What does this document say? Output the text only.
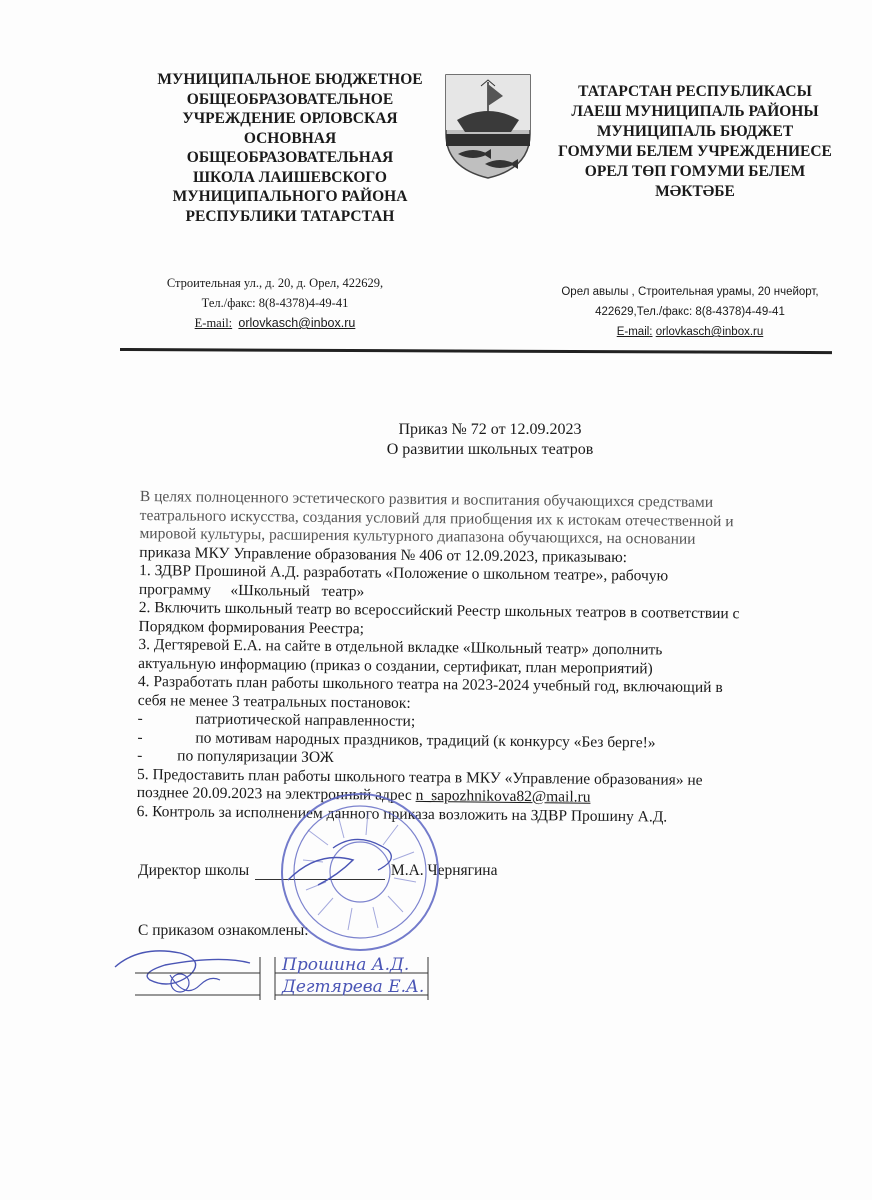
МУНИЦИПАЛЬНОЕ БЮДЖЕТНОЕ
ОБЩЕОБРАЗОВАТЕЛЬНОЕ
УЧРЕЖДЕНИЕ ОРЛОВСКАЯ
ОСНОВНАЯ
ОБЩЕОБРАЗОВАТЕЛЬНАЯ
ШКОЛА ЛАИШЕВСКОГО
МУНИЦИПАЛЬНОГО РАЙОНА
РЕСПУБЛИКИ ТАТАРСТАН
ТАТАРСТАН РЕСПУБЛИКАСЫ
ЛАЕШ МУНИЦИПАЛЬ РАЙОНЫ
МУНИЦИПАЛЬ БЮДЖЕТ
ГОМУМИ БЕЛЕМ УЧРЕЖДЕНИЕСЕ
ОРЕЛ ТӨП ГОМУМИ БЕЛЕМ
МӘКТӘБЕ
Строительная ул., д. 20, д. Орел, 422629,
Тел./факс: 8(8-4378)4-49-41
E-mail: orlovkasch@inbox.ru
Орел авылы , Строительная урамы, 20 нчейорт,
422629,Тел./факс: 8(8-4378)4-49-41
E-mail: orlovkasch@inbox.ru
Приказ № 72 от 12.09.2023
О развитии школьных театров
В целях полноценного эстетического развития и воспитания обучающихся средствами
театрального искусства, создания условий для приобщения их к истокам отечественной и
мировой культуры, расширения культурного диапазона обучающихся, на основании
приказа МКУ Управление образования № 406 от 12.09.2023, приказываю:
1. ЗДВР Прошиной А.Д. разработать «Положение о школьном театре», рабочую
программу     «Школьный   театр»
2. Включить школьный театр во всероссийский Реестр школьных театров в соответствии с
Порядком формирования Реестра;
3. Дегтяревой Е.А. на сайте в отдельной вкладке «Школьный театр» дополнить
актуальную информацию (приказ о создании, сертификат, план мероприятий)
4. Разработать план работы школьного театра на 2023-2024 учебный год, включающий в
себя не менее 3 театральных постановок:
-	патриотической направленности;
-	по мотивам народных праздников, традиций (к конкурсу «Без берге!»
- по популяризации ЗОЖ
5. Предоставить план работы школьного театра в МКУ «Управление образования» не
позднее 20.09.2023 на электронный адрес n_sapozhnikova82@mail.ru
6. Контроль за исполнением данного приказа возложить на ЗДВР Прошину А.Д.
Директор школы	М.А. Чернягина
С приказом ознакомлены:
Прошина А.Д.
Дегтярева Е.А.
